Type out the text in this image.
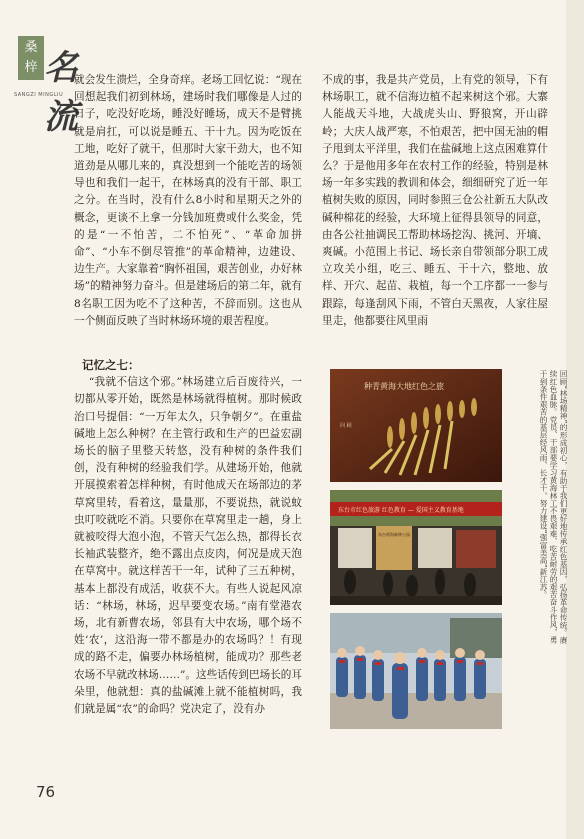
桑
梓 名流
SANGZI MINGLIU

就会发生溃烂，全身奇痒。老场工回忆说：“现在回想起我们初到林场，建场时我们哪像是人过的日子，吃没好吃场，睡没好睡场，成天不是臂挑就是肩扛，可以说是睡五、干十九。因为吃饭在工地，吃好了就干，但那时大家干劲大，也不知道劲是从哪儿来的，真没想到一个能吃苦的场领导也和我们一起干，在林场真的没有干部、职工之分。在当时，没有什么8小时和星期天之外的概念，更谈不上拿一分钱加班费或什么奖金，凭的是“一不怕苦，二不怕死”、“革命加拼命”、“小车不倒尽管推”的革命精神，边建设、边生产。大家靠着“胸怀祖国，艰苦创业，办好林场”的精神努力奋斗。但是建场后的第二年，就有8名职工因为吃不了这种苦，不辞而别。这也从一个侧面反映了当时林场环境的艰苦程度。

记忆之七：

“我就不信这个邪。”林场建立后百废待兴，一切都从零开始，既然是林场就得植树。那时候政治口号提倡：“一万年太久，只争朝夕”。在重盐碱地上怎么种树？在主管行政和生产的巴益宏副场长的脑子里整天转悠，没有种树的条件我们创，没有种树的经验我们学。从建场开始，他就开展摸索着怎样种树，有时他成天在场部边的茅草窝里转，看着这，量量那，不要说热，就说蚊虫叮咬就吃不消。只要你在草窝里走一趟，身上就被咬得大泡小泡，不管天气怎么热，都得长衣长袖武装整齐，绝不露出点皮肉，何况是成天泡在草窝中。就这样苦干一年，试种了三五种树，基本上都没有成活，收获不大。有些人说起风凉话：“林场，林场，迟早要变农场。”南有堂港农场，北有新曹农场，邻县有大中农场，哪个场不姓‘农’，这沿海一带不都是办的农场吗？！有现成的路不走，偏要办林场植树，能成功？那些老农场不早就改林场……”。这些话传到巴场长的耳朵里，他就想：真的盐碱滩上就不能植树吗，我们就是属“农”的命吗？党决定了，没有办

不成的事，我是共产党员，上有党的领导，下有林场职工，就不信海边植不起来树这个邪。大寨人能战天斗地，大战虎头山、野狼窝，开山辟岭；大庆人战严寒，不怕艰苦，把中国无油的帽子甩到太平洋里，我们在盐碱地上这点困难算什么？于是他用多年在农村工作的经验，特别是林场一年多实践的教训和体会，细细研究了近一年植树失败的原因，同时参照三仓公社新五大队改碱种棉花的经验，大环境上征得县领导的同意，由各公社抽调民工帮助林场挖沟、挑河、开墒、爽碱。小范围上书记、场长亲自带领部分职工成立攻关小组，吃三、睡五、干十六，整地、放样、开穴、起苗、栽植，每一个工序都一一参与跟踪，每逢刮风下雨，不管白天黑夜，人家往屋里走，他都要往风里雨

种青黄海大地红色之旅
回 顾
东台市红色旅游 红色教育 — 爱国主义教育基地
东台黄海森林公园	回顾“林场精神”的形成初心，有助于我们更好地传承红色基因，弘扬革命传统。赓续红色血脉。党员、干部要学习黄海林工不畏艰难、吃苦耐劳的艰苦奋斗作风，勇于到条件艰苦的基层经风雨、长才干，努力建设“强富美高”新江苏。
76
